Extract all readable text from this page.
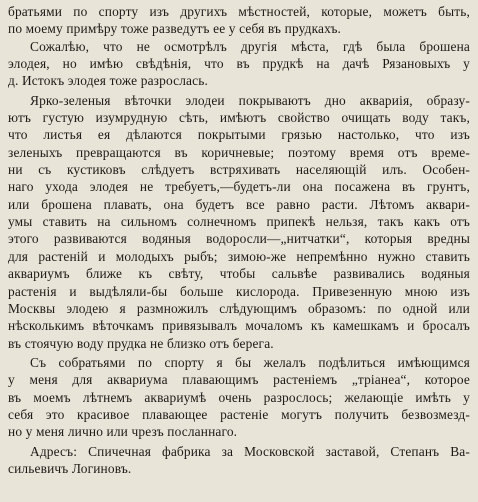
братьями по спорту изъ другихъ мѣстностей, которые, можетъ быть,
по моему примѣру тоже разведутъ ее у себя въ прудкахъ.
Сожалѣю, что не осмотрѣлъ другія мѣста, гдѣ была брошена
элодея, но имѣю свѣдѣнія, что въ прудкѣ на дачѣ Рязановыхъ у
д. Истокъ элодея тоже разрослась.
Ярко-зеленыя вѣточки элодеи покрываютъ дно аквариія, образу-
ютъ густую изумрудную сѣть, имѣютъ свойство очищать воду такъ,
что листья ея дѣлаются покрытыми грязью настолько, что изъ
зеленыхъ превращаются въ коричневые; поэтому время отъ време-
ни съ кустиковъ слѣдуетъ встряхивать населяющій илъ. Особен-
наго ухода элодея не требуетъ,—будетъ-ли она посажена въ грунтъ,
или брошена плавать, она будетъ все равно расти. Лѣтомъ аквари-
умы ставить на сильномъ солнечномъ припекѣ нельзя, такъ какъ отъ
этого развиваются водяныя водоросли—„нитчатки“, которыя вредны
для растеній и молодыхъ рыбъ; зимою-же непремѣнно нужно ставить
аквариумъ ближе къ свѣту, чтобы сальвѣе развивались водяныя
растенія и выдѣляли-бы больше кислорода. Привезенную мною изъ
Москвы элодею я размножилъ слѣдующимъ образомъ: по одной или
нѣсколькимъ вѣточкамъ привязывалъ мочаломъ къ камешкамъ и бросалъ
въ стоячую воду прудка не близко отъ берега.
Съ собратьями по спорту я бы желалъ подѣлиться имѣющимся
у меня для аквариума плавающимъ растеніемъ „тріанеа“, которое
въ моемъ лѣтнемъ аквариумѣ очень разрослось; желающіе имѣть у
себя это красивое плавающее растеніе могутъ получить безвозмезд-
но у меня лично или чрезъ посланнаго.
Адресъ: Спичечная фабрика за Московской заставой, Степанъ Ва-
сильевичъ Логиновъ.
